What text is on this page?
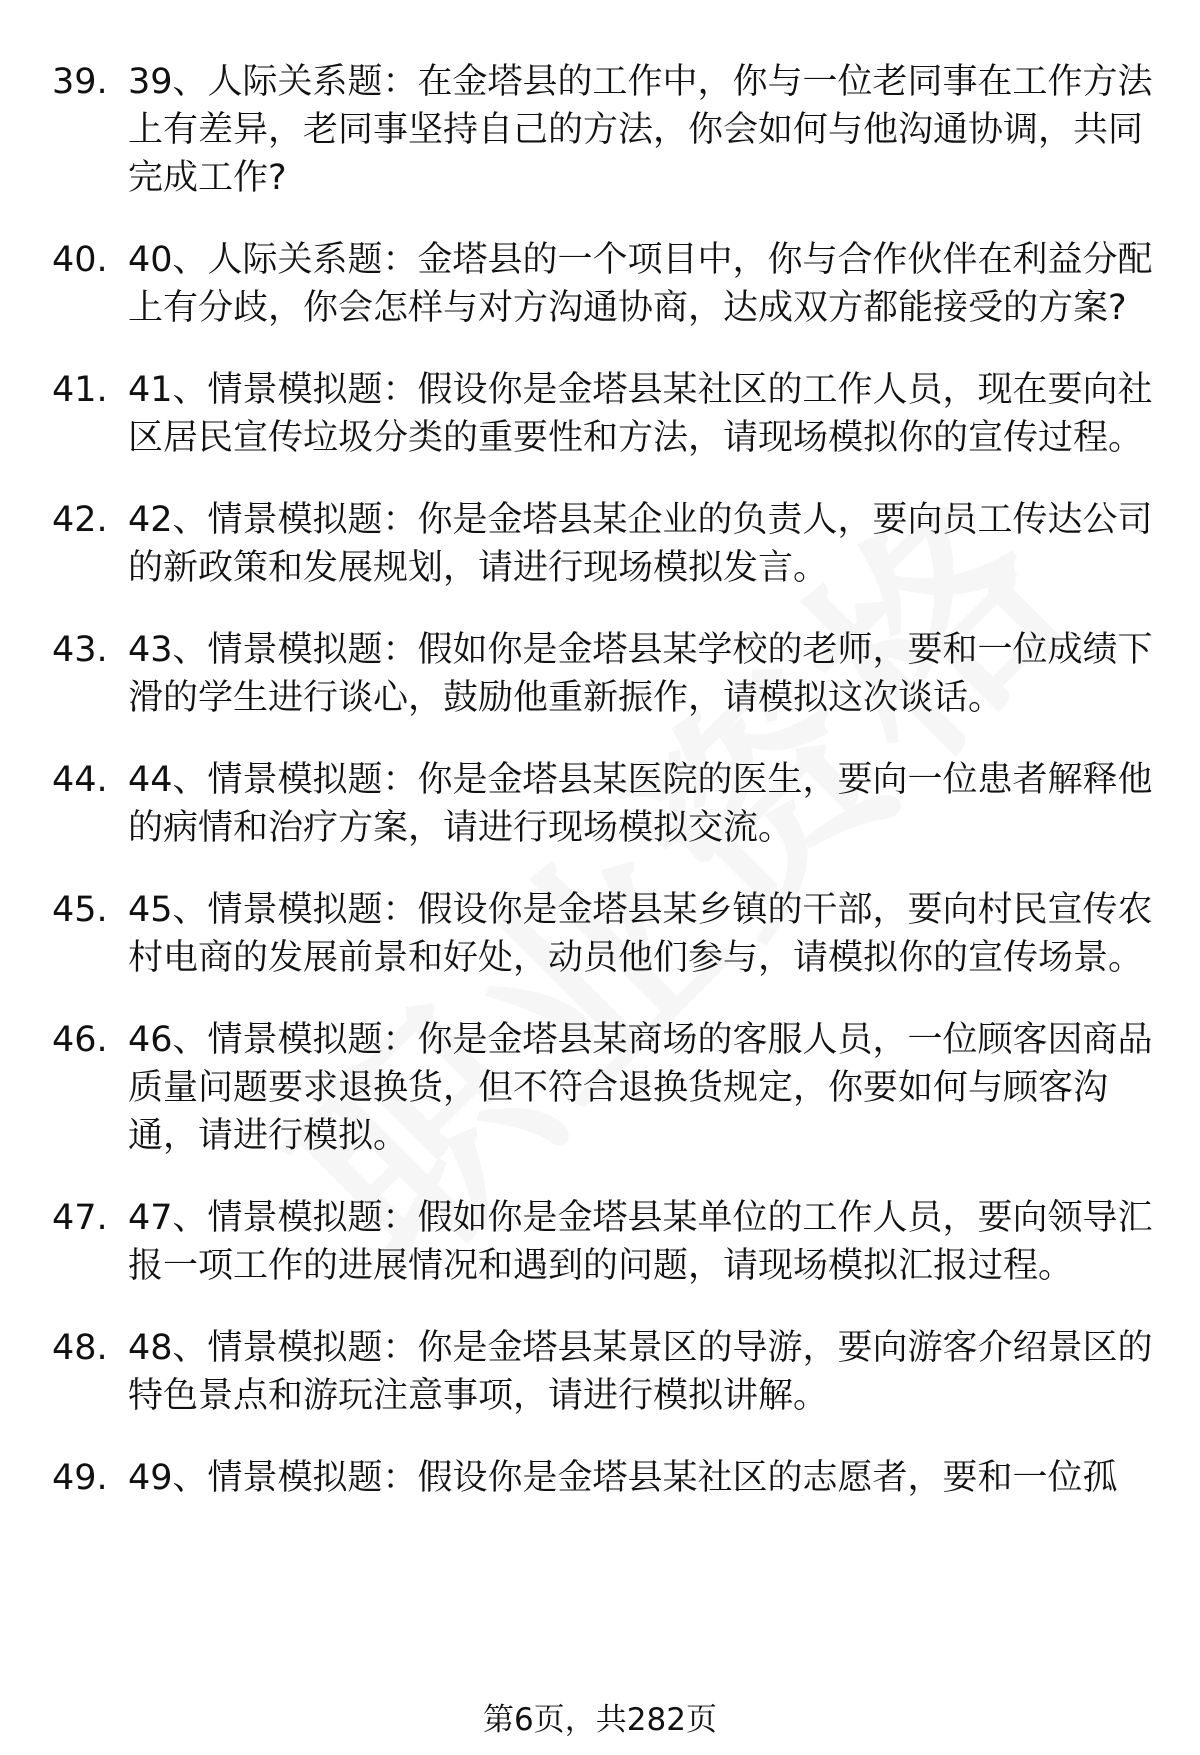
39. 39、人际关系题：在金塔县的工作中，你与一位老同事在工作方法上有差异，老同事坚持自己的方法，你会如何与他沟通协调，共同完成工作?
40. 40、人际关系题：金塔县的一个项目中，你与合作伙伴在利益分配上有分歧，你会怎样与对方沟通协商，达成双方都能接受的方案?
41. 41、情景模拟题：假设你是金塔县某社区的工作人员，现在要向社区居民宣传垃圾分类的重要性和方法，请现场模拟你的宣传过程。
42. 42、情景模拟题：你是金塔县某企业的负责人，要向员工传达公司的新政策和发展规划，请进行现场模拟发言。
43. 43、情景模拟题：假如你是金塔县某学校的老师，要和一位成绩下滑的学生进行谈心，鼓励他重新振作，请模拟这次谈话。
44. 44、情景模拟题：你是金塔县某医院的医生，要向一位患者解释他的病情和治疗方案，请进行现场模拟交流。
45. 45、情景模拟题：假设你是金塔县某乡镇的干部，要向村民宣传农村电商的发展前景和好处，动员他们参与，请模拟你的宣传场景。
46. 46、情景模拟题：你是金塔县某商场的客服人员，一位顾客因商品质量问题要求退换货，但不符合退换货规定，你要如何与顾客沟通，请进行模拟。
47. 47、情景模拟题：假如你是金塔县某单位的工作人员，要向领导汇报一项工作的进展情况和遇到的问题，请现场模拟汇报过程。
48. 48、情景模拟题：你是金塔县某景区的导游，要向游客介绍景区的特色景点和游玩注意事项，请进行模拟讲解。
49. 49、情景模拟题：假设你是金塔县某社区的志愿者，要和一位孤
第6页，共282页
